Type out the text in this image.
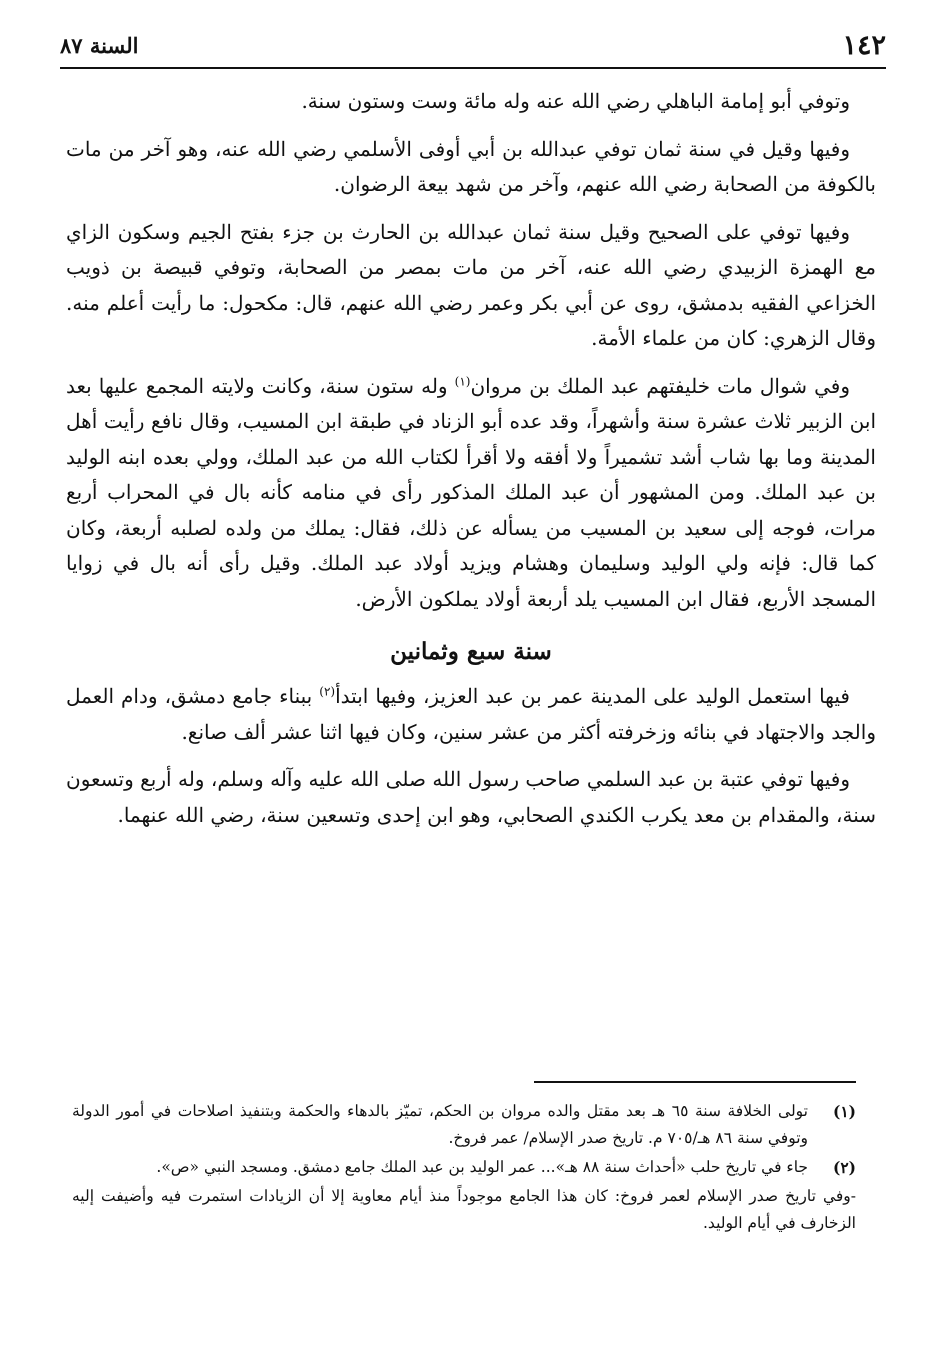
١٤٢
السنة ٨٧

وتوفي أبو إمامة الباهلي رضي الله عنه وله مائة وست وستون سنة.

وفيها وقيل في سنة ثمان توفي عبدالله بن أبي أوفى الأسلمي رضي الله عنه، وهو آخر من مات بالكوفة من الصحابة رضي الله عنهم، وآخر من شهد بيعة الرضوان.

وفيها توفي على الصحيح وقيل سنة ثمان عبدالله بن الحارث بن جزء بفتح الجيم وسكون الزاي مع الهمزة الزبيدي رضي الله عنه، آخر من مات بمصر من الصحابة، وتوفي قبيصة بن ذويب الخزاعي الفقيه بدمشق، روى عن أبي بكر وعمر رضي الله عنهم، قال: مكحول: ما رأيت أعلم منه. وقال الزهري: كان من علماء الأمة.

وفي شوال مات خليفتهم عبد الملك بن مروان$^{(١)}$ وله ستون سنة، وكانت ولايته المجمع عليها بعد ابن الزبير ثلاث عشرة سنة وأشهراً، وقد عده أبو الزناد في طبقة ابن المسيب، وقال نافع رأيت أهل المدينة وما بها شاب أشد تشميراً ولا أفقه ولا أقرأ لكتاب الله من عبد الملك، وولي بعده ابنه الوليد بن عبد الملك. ومن المشهور أن عبد الملك المذكور رأى في منامه كأنه بال في المحراب أربع مرات، فوجه إلى سعيد بن المسيب من يسأله عن ذلك، فقال: يملك من ولده لصلبه أربعة، وكان كما قال: فإنه ولي الوليد وسليمان وهشام ويزيد أولاد عبد الملك. وقيل رأى أنه بال في زوايا المسجد الأربع، فقال ابن المسيب يلد أربعة أولاد يملكون الأرض.

سنة سبع وثمانين

فيها استعمل الوليد على المدينة عمر بن عبد العزيز، وفيها ابتدأ$^{(٢)}$ ببناء جامع دمشق، ودام العمل والجد والاجتهاد في بنائه وزخرفته أكثر من عشر سنين، وكان فيها اثنا عشر ألف صانع.

وفيها توفي عتبة بن عبد السلمي صاحب رسول الله صلى الله عليه وآله وسلم، وله أربع وتسعون سنة، والمقدام بن معد يكرب الكندي الصحابي، وهو ابن إحدى وتسعين سنة، رضي الله عنهما.

(١)
تولى الخلافة سنة ٦٥ هـ بعد مقتل والده مروان بن الحكم، تميّز بالدهاء والحكمة وبتنفيذ اصلاحات في أمور الدولة وتوفي سنة ٨٦ هـ/٧٠٥ م. تاريخ صدر الإسلام/ عمر فروخ.
(٢)
جاء في تاريخ حلب «أحداث سنة ٨٨ هـ»... عمر الوليد بن عبد الملك جامع دمشق. ومسجد النبي «ص».
-وفي تاريخ صدر الإسلام لعمر فروخ: كان هذا الجامع موجوداً منذ أيام معاوية إلا أن الزيادات استمرت فيه وأضيفت إليه الزخارف في أيام الوليد.
